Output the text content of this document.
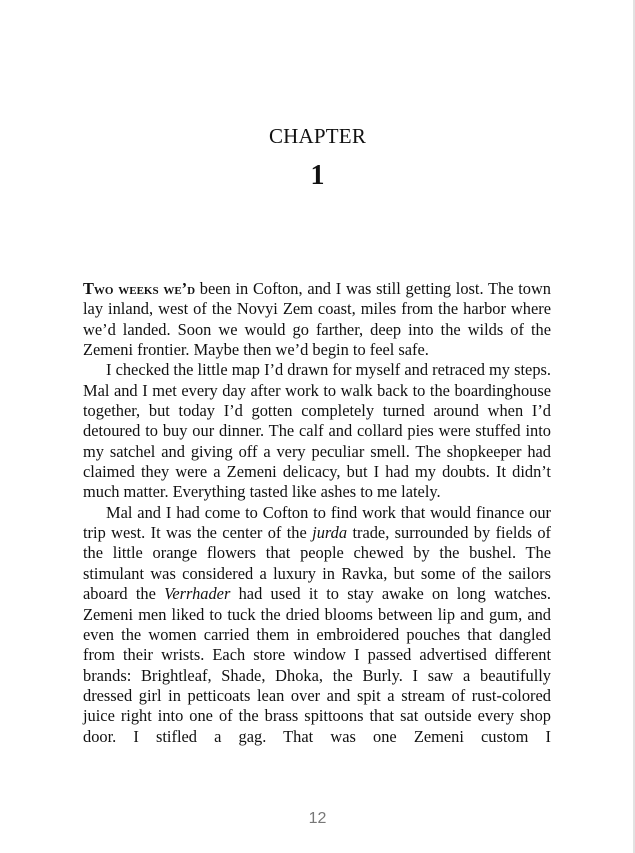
CHAPTER
1

Two weeks we’d been in Cofton, and I was still getting lost. The town lay inland, west of the Novyi Zem coast, miles from the harbor where we’d landed. Soon we would go farther, deep into the wilds of the Zemeni frontier. Maybe then we’d begin to feel safe.

I checked the little map I’d drawn for myself and retraced my steps. Mal and I met every day after work to walk back to the boardinghouse together, but today I’d gotten completely turned around when I’d detoured to buy our dinner. The calf and collard pies were stuffed into my satchel and giving off a very peculiar smell. The shopkeeper had claimed they were a Zemeni delicacy, but I had my doubts. It didn’t much matter. Everything tasted like ashes to me lately.

Mal and I had come to Cofton to find work that would finance our trip west. It was the center of the jurda trade, surrounded by fields of the little orange flowers that people chewed by the bushel. The stimulant was considered a luxury in Ravka, but some of the sailors aboard the Verrhader had used it to stay awake on long watches. Zemeni men liked to tuck the dried blooms between lip and gum, and even the women carried them in embroidered pouches that dangled from their wrists. Each store window I passed advertised different brands: Brightleaf, Shade, Dhoka, the Burly. I saw a beautifully dressed girl in petticoats lean over and spit a stream of rust-colored juice right into one of the brass spittoons that sat outside every shop door. I stifled a gag. That was one Zemeni custom I

12
